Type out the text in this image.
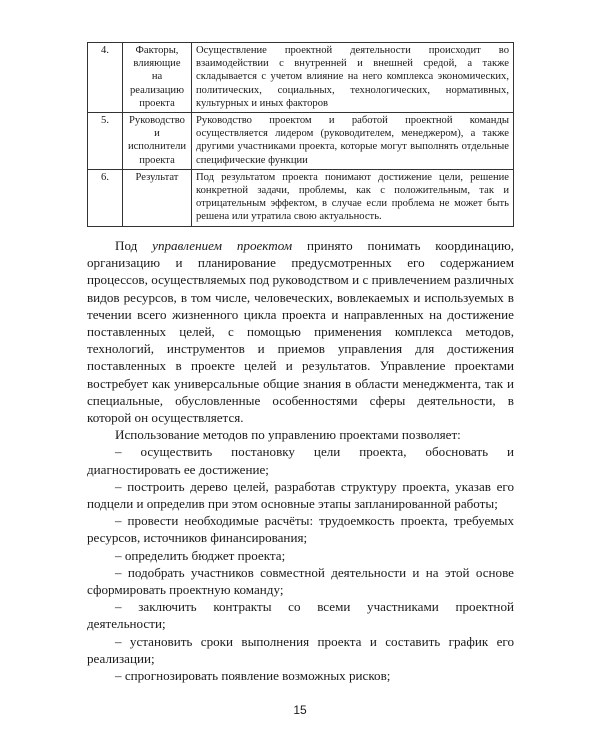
4.	Факторы, влияющие на реализацию проекта	Осуществление проектной деятельности происходит во взаимодействии с внутренней и внешней средой, а также складывается с учетом влияние на него комплекса экономических, политических, социальных, технологических, нормативных, культурных и иных факторов
5.	Руководство и исполнители проекта	Руководство проектом и работой проектной команды осуществляется лидером (руководителем, менеджером), а также другими участниками проекта, которые могут выполнять отдельные специфические функции
6.	Результат	Под результатом проекта понимают достижение цели, решение конкретной задачи, проблемы, как с положительным, так и отрицательным эффектом, в случае если проблема не может быть решена или утратила свою актуальность.

Под управлением проектом принято понимать координацию, организацию и планирование предусмотренных его содержанием процессов, осуществляемых под руководством и с привлечением различных видов ресурсов, в том числе, человеческих, вовлекаемых и используемых в течении всего жизненного цикла проекта и направленных на достижение поставленных целей, с помощью применения комплекса методов, технологий, инструментов и приемов управления для достижения поставленных в проекте целей и результатов. Управление проектами востребует как универсальные общие знания в области менеджмента, так и специальные, обусловленные особенностями сферы деятельности, в которой он осуществляется.

Использование методов по управлению проектами позволяет:

– осуществить постановку цели проекта, обосновать и диагностировать ее достижение;

– построить дерево целей, разработав структуру проекта, указав его подцели и определив при этом основные этапы запланированной работы;

– провести необходимые расчёты: трудоемкость проекта, требуемых ресурсов, источников финансирования;

– определить бюджет проекта;

– подобрать участников совместной деятельности и на этой основе сформировать проектную команду;

– заключить контракты со всеми участниками проектной деятельности;

– установить сроки выполнения проекта и составить график его реализации;

– спрогнозировать появление возможных рисков;

15
